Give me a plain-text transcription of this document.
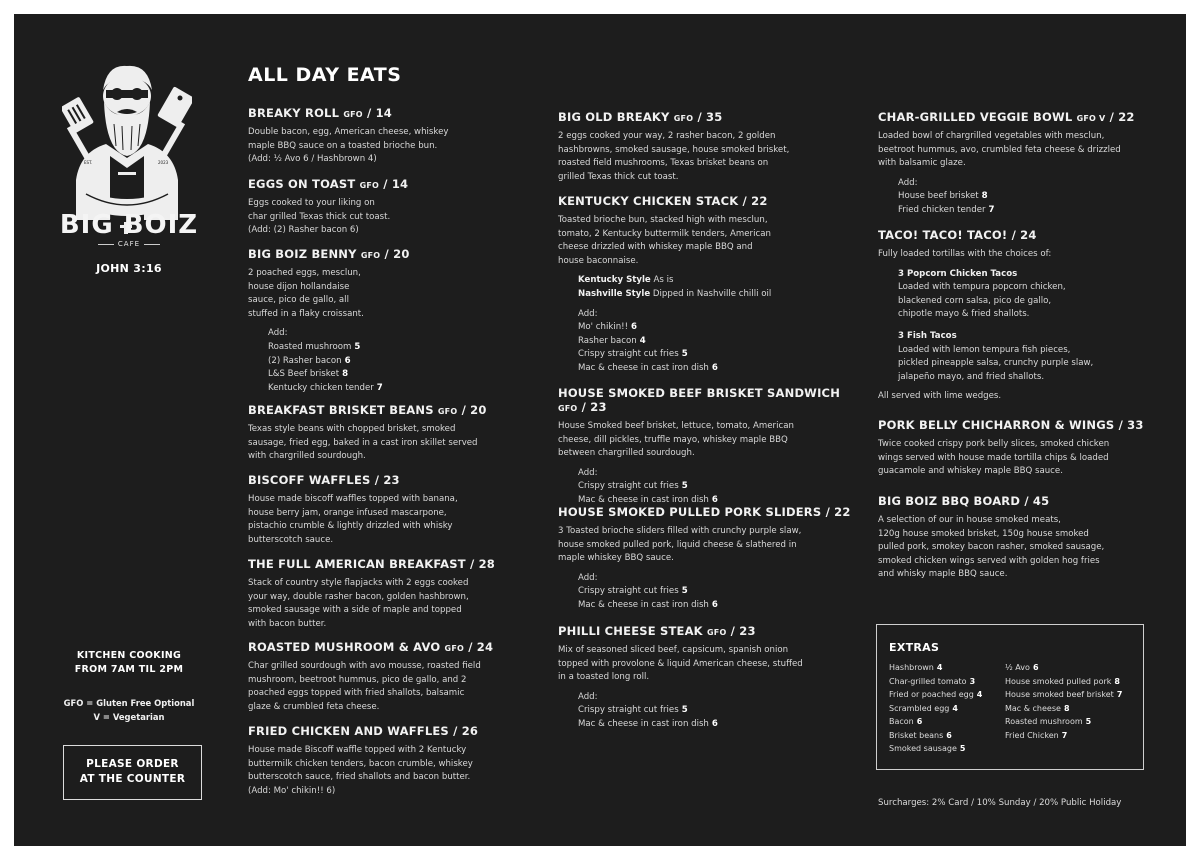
EST.	2023
BIG BOIZ
CAFE
JOHN 3:16
KITCHEN COOKING
FROM 7AM TIL 2PM
GFO = Gluten Free Optional
V = Vegetarian
PLEASE ORDER
AT THE COUNTER
ALL DAY EATS
BREAKY ROLL GFO / 14
Double bacon, egg, American cheese, whiskey
maple BBQ sauce on a toasted brioche bun.
(Add: ½ Avo 6 / Hashbrown 4)
EGGS ON TOAST GFO / 14
Eggs cooked to your liking on
char grilled Texas thick cut toast.
(Add: (2) Rasher bacon 6)
BIG BOIZ BENNY GFO / 20
2 poached eggs, mesclun,
house dijon hollandaise
sauce, pico de gallo, all
stuffed in a flaky croissant.
Add:
Roasted mushroom 5
(2) Rasher bacon 6
L&S Beef brisket 8
Kentucky chicken tender 7
BREAKFAST BRISKET BEANS GFO / 20
Texas style beans with chopped brisket, smoked
sausage, fried egg, baked in a cast iron skillet served
with chargrilled sourdough.
BISCOFF WAFFLES / 23
House made biscoff waffles topped with banana,
house berry jam, orange infused mascarpone,
pistachio crumble & lightly drizzled with whisky
butterscotch sauce.
THE FULL AMERICAN BREAKFAST / 28
Stack of country style flapjacks with 2 eggs cooked
your way, double rasher bacon, golden hashbrown,
smoked sausage with a side of maple and topped
with bacon butter.
ROASTED MUSHROOM & AVO GFO / 24
Char grilled sourdough with avo mousse, roasted field
mushroom, beetroot hummus, pico de gallo, and 2
poached eggs topped with fried shallots, balsamic
glaze & crumbled feta cheese.
FRIED CHICKEN AND WAFFLES / 26
House made Biscoff waffle topped with 2 Kentucky
buttermilk chicken tenders, bacon crumble, whiskey
butterscotch sauce, fried shallots and bacon butter.
(Add: Mo' chikin!! 6)
BIG OLD BREAKY GFO / 35
2 eggs cooked your way, 2 rasher bacon, 2 golden
hashbrowns, smoked sausage, house smoked brisket,
roasted field mushrooms, Texas brisket beans on
grilled Texas thick cut toast.
KENTUCKY CHICKEN STACK / 22
Toasted brioche bun, stacked high with mesclun,
tomato, 2 Kentucky buttermilk tenders, American
cheese drizzled with whiskey maple BBQ and
house baconnaise.
Kentucky Style As is
Nashville Style Dipped in Nashville chilli oil
Add:
Mo' chikin!! 6
Rasher bacon 4
Crispy straight cut fries 5
Mac & cheese in cast iron dish 6
HOUSE SMOKED BEEF BRISKET SANDWICH GFO / 23
House Smoked beef brisket, lettuce, tomato, American
cheese, dill pickles, truffle mayo, whiskey maple BBQ
between chargrilled sourdough.
Add:
Crispy straight cut fries 5
Mac & cheese in cast iron dish 6
HOUSE SMOKED PULLED PORK SLIDERS / 22
3 Toasted brioche sliders filled with crunchy purple slaw,
house smoked pulled pork, liquid cheese & slathered in
maple whiskey BBQ sauce.
Add:
Crispy straight cut fries 5
Mac & cheese in cast iron dish 6
PHILLI CHEESE STEAK GFO / 23
Mix of seasoned sliced beef, capsicum, spanish onion
topped with provolone & liquid American cheese, stuffed
in a toasted long roll.
Add:
Crispy straight cut fries 5
Mac & cheese in cast iron dish 6
CHAR-GRILLED VEGGIE BOWL GFO V / 22
Loaded bowl of chargrilled vegetables with mesclun,
beetroot hummus, avo, crumbled feta cheese & drizzled
with balsamic glaze.
Add:
House beef brisket 8
Fried chicken tender 7
TACO! TACO! TACO! / 24
Fully loaded tortillas with the choices of:
3 Popcorn Chicken Tacos
Loaded with tempura popcorn chicken,
blackened corn salsa, pico de gallo,
chipotle mayo & fried shallots.
3 Fish Tacos
Loaded with lemon tempura fish pieces,
pickled pineapple salsa, crunchy purple slaw,
jalapeño mayo, and fried shallots.
All served with lime wedges.
PORK BELLY CHICHARRON & WINGS / 33
Twice cooked crispy pork belly slices, smoked chicken
wings served with house made tortilla chips & loaded
guacamole and whiskey maple BBQ sauce.
BIG BOIZ BBQ BOARD / 45
A selection of our in house smoked meats,
120g house smoked brisket, 150g house smoked
pulled pork, smokey bacon rasher, smoked sausage,
smoked chicken wings served with golden hog fries
and whisky maple BBQ sauce.
EXTRAS
Hashbrown 4
Char-grilled tomato 3
Fried or poached egg 4
Scrambled egg 4
Bacon 6
Brisket beans 6
Smoked sausage 5
½ Avo 6
House smoked pulled pork 8
House smoked beef brisket 7
Mac & cheese 8
Roasted mushroom 5
Fried Chicken 7
Surcharges: 2% Card / 10% Sunday / 20% Public Holiday
